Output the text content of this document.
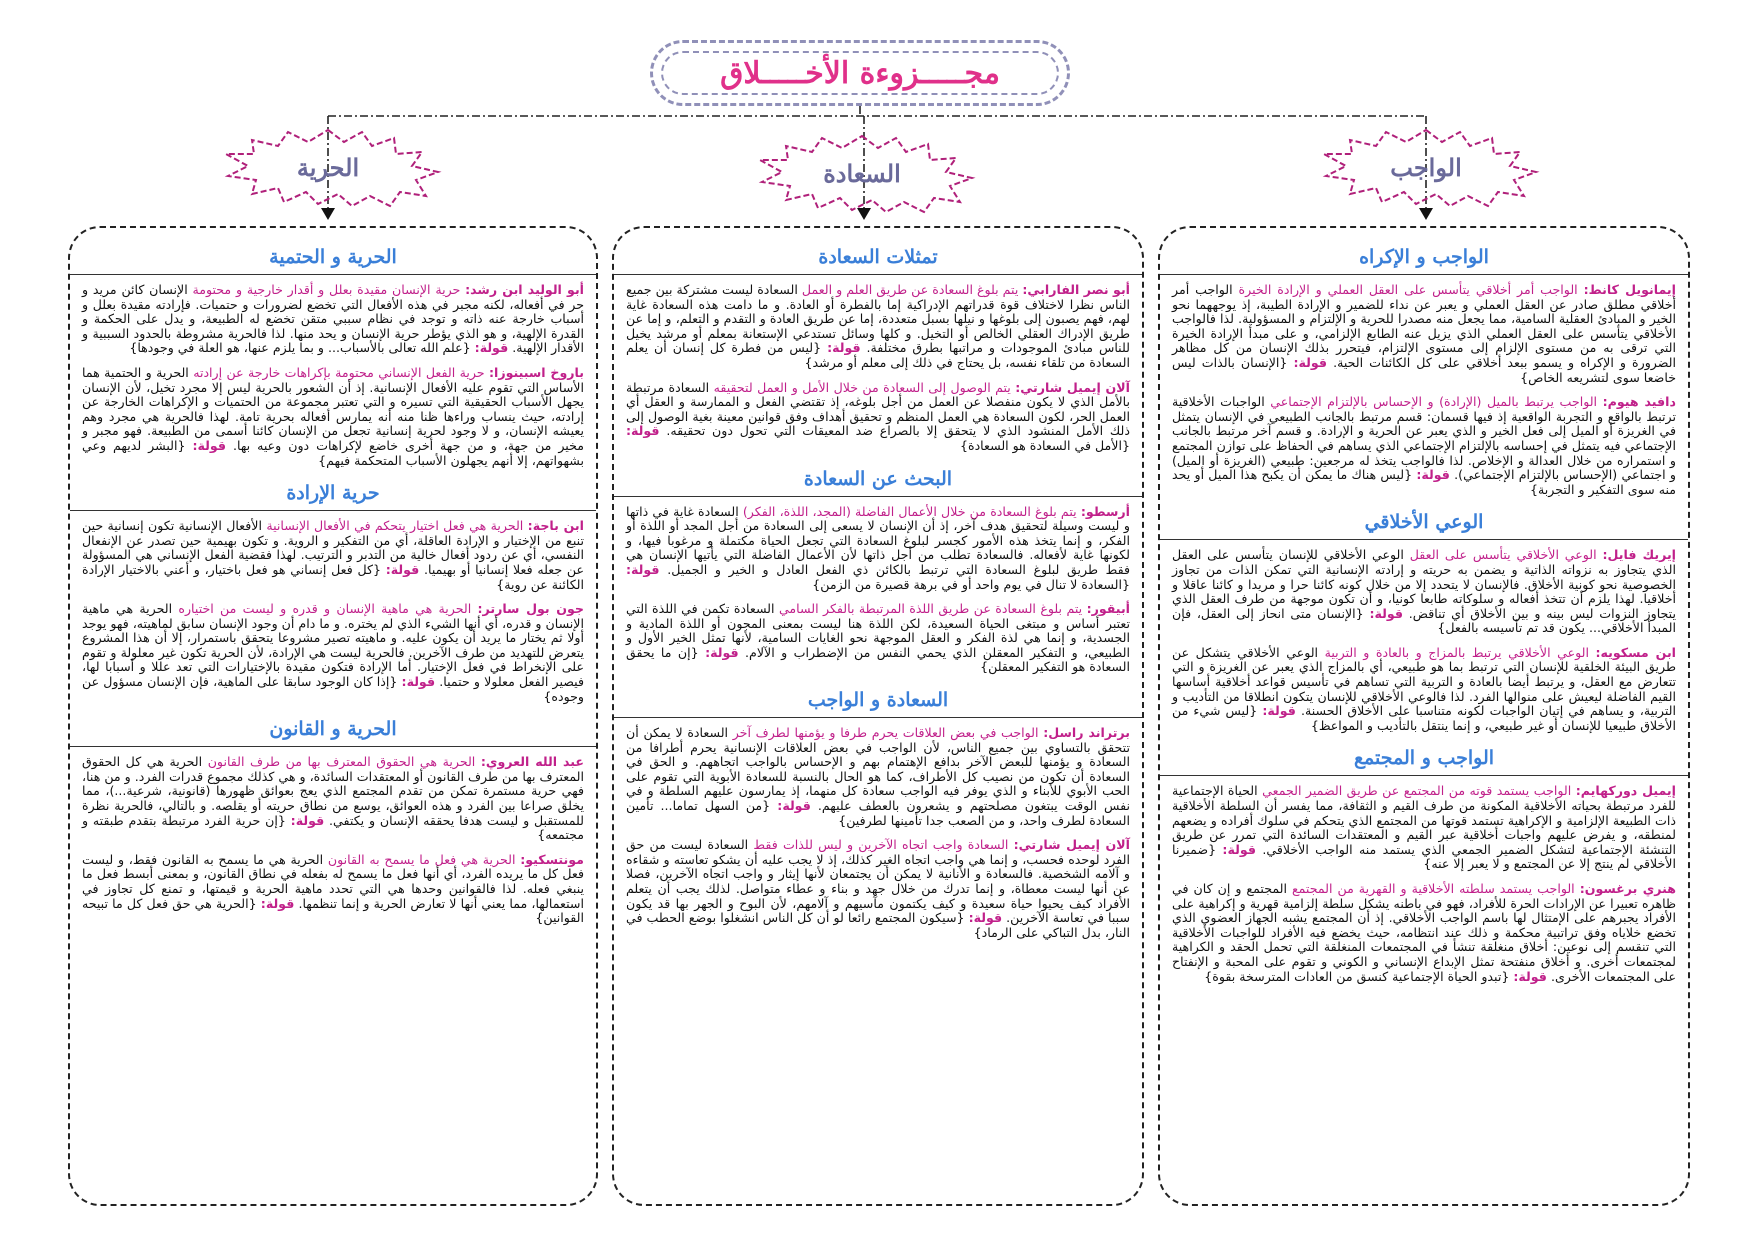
مجـــــزوءة الأخـــــلاق
الواجب
السعادة
الحرية
الواجب و الإكراه
إيمانويل كانط: الواجب أمر أخلاقي يتأسس على العقل العملي و الإرادة الخيرة الواجب أمر أخلاقي مطلق صادر عن العقل العملي و يعبر عن نداء للضمير و الإرادة الطيبة، إذ يوجههما نحو الخير و المبادئ العقلية السامية، مما يجعل منه مصدرا للحرية و الإلتزام و المسؤولية. لذا فالواجب الأخلاقي يتأسس على العقل العملي الذي يزيل عنه الطابع الإلزامي، و على مبدأ الإرادة الخيرة التي ترقى به من مستوى الإلزام إلى مستوى الإلتزام، فيتحرر بذلك الإنسان من كل مظاهر الضرورة و الإكراه و يسمو ببعد أخلاقي على كل الكائنات الحية. قولة: {الإنسان بالذات ليس خاضعا سوى لتشريعه الخاص}
دافيد هيوم: الواجب يرتبط بالميل (الإرادة) و الإحساس بالإلتزام الإجتماعي الواجبات الأخلاقية ترتبط بالواقع و التجربة الواقعية إذ فيها قسمان: قسم مرتبط بالجانب الطبيعي في الإنسان يتمثل في الغريزة أو الميل إلى فعل الخير و الذي يعبر عن الحرية و الإرادة. و قسم آخر مرتبط بالجانب الإجتماعي فيه يتمثل في إحساسه بالإلتزام الإجتماعي الذي يساهم في الحفاظ على توازن المجتمع و استمراره من خلال العدالة و الإخلاص. لذا فالواجب يتخذ له مرجعين: طبيعي (الغريزة أو الميل) و اجتماعي (الإحساس بالإلتزام الإجتماعي). قولة: {ليس هناك ما يمكن أن يكبح هذا الميل أو يحد منه سوى التفكير و التجربة}
الوعي الأخلاقي
إيريك فايل: الوعي الأخلاقي يتأسس على العقل الوعي الأخلاقي للإنسان يتأسس على العقل الذي يتجاوز به نزواته الذاتية و يضمن به حريته و إرادته الإنسانية التي تمكن الذات من تجاوز الخصوصية نحو كونية الأخلاق. فالإنسان لا يتحدد إلا من خلال كونه كائنا حرا و مريدا و كائنا عاقلا و أخلاقيا. لهذا يلزم أن تتخذ أفعاله و سلوكاته طابعا كونيا، و أن تكون موجهة من طرف العقل الذي يتجاوز النزوات ليس بينه و بين الأخلاق أي تناقض. قولة: {الإنسان متى انحاز إلى العقل، فإن المبدأ الأخلاقي... يكون قد تم تأسيسه بالفعل}
ابن مسكويه: الوعي الأخلاقي يرتبط بالمزاج و بالعادة و التربية الوعي الأخلاقي يتشكل عن طريق البيئة الخلقية للإنسان التي ترتبط بما هو طبيعي، أي بالمزاج الذي يعبر عن الغريزة و التي تتعارض مع العقل، و يرتبط أيضا بالعادة و التربية التي تساهم في تأسيس قواعد أخلاقية أساسها القيم الفاضلة ليعيش على منوالها الفرد. لذا فالوعي الأخلاقي للإنسان يتكون انطلاقا من التأديب و التربية، و يساهم في إتيان الواجبات لكونه متناسبا على الأخلاق الحسنة. قولة: {ليس شيء من الأخلاق طبيعيا للإنسان أو غير طبيعي، و إنما ينتقل بالتأديب و المواعظ}
الواجب و المجتمع
إيميل دوركهايم: الواجب يستمد قوته من المجتمع عن طريق الضمير الجمعي الحياة الإجتماعية للفرد مرتبطة بحياته الأخلاقية المكونة من طرف القيم و الثقافة، مما يفسر أن السلطة الأخلاقية ذات الطبيعة الإلزامية و الإكراهية تستمد قوتها من المجتمع الذي يتحكم في سلوك أفراده و يضعهم لمنطقه، و يفرض عليهم واجبات أخلاقية عبر القيم و المعتقدات السائدة التي تمرر عن طريق التنشئة الإجتماعية لتشكل الضمير الجمعي الذي يستمد منه الواجب الأخلاقي. قولة: {ضميرنا الأخلاقي لم ينتج إلا عن المجتمع و لا يعبر إلا عنه}
هنري برغسون: الواجب يستمد سلطته الأخلاقية و القهرية من المجتمع المجتمع و إن كان في ظاهره تعبيرا عن الإرادات الحرة للأفراد، فهو في باطنه يشكل سلطة إلزامية قهرية و إكراهية على الأفراد يجبرهم على الإمتثال لها باسم الواجب الأخلاقي. إذ أن المجتمع يشبه الجهاز العضوي الذي تخضع خلاياه وفق تراتبية محكمة و ذلك عند انتظامه، حيث يخضع فيه الأفراد للواجبات الأخلاقية التي تنقسم إلى نوعين: أخلاق منغلقة تنشأ في المجتمعات المنغلقة التي تحمل الحقد و الكراهية لمجتمعات أخرى. و أخلاق منفتحة تمثل الإبداع الإنساني و الكوني و تقوم على المحبة و الإنفتاح على المجتمعات الأخرى. قولة: {تبدو الحياة الإجتماعية كنسق من العادات المترسخة بقوة}
تمثلات السعادة
أبو نصر الفارابي: يتم بلوغ السعادة عن طريق العلم و العمل السعادة ليست مشتركة بين جميع الناس نظرا لاختلاف قوة قدراتهم الإدراكية إما بالفطرة أو العادة. و ما دامت هذه السعادة غاية لهم، فهم يصبون إلى بلوغها و نيلها بسبل متعددة، إما عن طريق العادة و التقدم و التعلم، و إما عن طريق الإدراك العقلي الخالص أو التخيل. و كلها وسائل تستدعي الإستعانة بمعلم أو مرشد يخيل للناس مبادئ الموجودات و مراتبها بطرق مختلفة. قولة: {ليس من فطرة كل إنسان أن يعلم السعادة من تلقاء نفسه، بل يحتاج في ذلك إلى معلم أو مرشد}
آلان إيميل شارتي: يتم الوصول إلى السعادة من خلال الأمل و العمل لتحقيقه السعادة مرتبطة بالأمل الذي لا يكون منفصلا عن العمل من أجل بلوغه، إذ تقتضي الفعل و الممارسة و العقل أي العمل الحر، لكون السعادة هي العمل المنظم و تحقيق أهداف وفق قوانين معينة بغية الوصول إلى ذلك الأمل المنشود الذي لا يتحقق إلا بالصراع ضد المعيقات التي تحول دون تحقيقه. قولة: {الأمل في السعادة هو السعادة}
البحث عن السعادة
أرسطو: يتم بلوغ السعادة من خلال الأعمال الفاضلة (المجد، اللذة، الفكر) السعادة غاية في ذاتها و ليست وسيلة لتحقيق هدف آخر، إذ أن الإنسان لا يسعى إلى السعادة من أجل المجد أو اللذة أو الفكر، و إنما يتخذ هذه الأمور كجسر لبلوغ السعادة التي تجعل الحياة مكتملة و مرغوبا فيها، و لكونها غاية لأفعاله. فالسعادة تطلب من أجل ذاتها لأن الأعمال الفاضلة التي يأتيها الإنسان هي فقط طريق لبلوغ السعادة التي ترتبط بالكائن ذي الفعل العادل و الخير و الجميل. قولة: {السعادة لا تنال في يوم واحد أو في برهة قصيرة من الزمن}
أبيقور: يتم بلوغ السعادة عن طريق اللذة المرتبطة بالفكر السامي السعادة تكمن في اللذة التي تعتبر أساس و مبتغى الحياة السعيدة، لكن اللذة هنا ليست بمعنى المجون أو اللذة المادية و الجسدية، و إنما هي لذة الفكر و العقل الموجهة نحو الغايات السامية، لأنها تمثل الخير الأول و الطبيعي، و التفكير المعقلن الذي يحمي النفس من الإضطراب و الآلام. قولة: {إن ما يحقق السعادة هو التفكير المعقلن}
السعادة و الواجب
برتراند راسل: الواجب في بعض العلاقات يحرم طرفا و يؤمنها لطرف آخر السعادة لا يمكن أن تتحقق بالتساوي بين جميع الناس، لأن الواجب في بعض العلاقات الإنسانية يحرم أطرافا من السعادة و يؤمنها للبعض الآخر بدافع الإهتمام بهم و الإحساس بالواجب اتجاههم. و الحق في السعادة أن تكون من نصيب كل الأطراف، كما هو الحال بالنسبة للسعادة الأبوية التي تقوم على الحب الأبوي للأبناء و الذي يوفر فيه الواجب سعادة كل منهما، إذ يمارسون عليهم السلطة و في نفس الوقت يبتغون مصلحتهم و يشعرون بالعطف عليهم. قولة: {من السهل تماما... تأمين السعادة لطرف واحد، و من الصعب جدا تأمينها لطرفين}
آلان إيميل شارتي: السعادة واجب اتجاه الآخرين و ليس للذات فقط السعادة ليست من حق الفرد لوحده فحسب، و إنما هي واجب اتجاه الغير كذلك، إذ لا يجب عليه أن يشكو تعاسته و شقاءه و آلامه الشخصية. فالسعادة و الأنانية لا يمكن أن يجتمعان لأنها إيثار و واجب اتجاه الآخرين، فصلا عن أنها ليست معطاة، و إنما تدرك من خلال جهد و بناء و عطاء متواصل. لذلك يجب أن يتعلم الأفراد كيف يحيوا حياة سعيدة و كيف يكتمون مآسيهم و آلامهم، لأن البوح و الجهر بها قد يكون سببا في تعاسة الآخرين. قولة: {سيكون المجتمع رائعا لو أن كل الناس انشغلوا بوضع الحطب في النار، بدل التباكي على الرماد}
الحرية و الحتمية
أبو الوليد ابن رشد: حرية الإنسان مقيدة بعلل و أقدار خارجية و محتومة الإنسان كائن مريد و حر في أفعاله، لكنه مجبر في هذه الأفعال التي تخضع لضرورات و حتميات. فإرادته مقيدة بعلل و أسباب خارجة عنه ذاته و توجد في نظام سببي متقن تخضع له الطبيعة، و يدل على الحكمة و القدرة الإلهية، و هو الذي يؤطر حرية الإنسان و يحد منها. لذا فالحرية مشروطة بالحدود السببية و الأقدار الإلهية. قولة: {علم الله تعالى بالأسباب... و بما يلزم عنها، هو العلة في وجودها}
باروخ اسبينوزا: حرية الفعل الإنساني محتومة بإكراهات خارجة عن إرادته الحرية و الحتمية هما الأساس التي تقوم عليه الأفعال الإنسانية. إذ أن الشعور بالحرية ليس إلا مجرد تخيل، لأن الإنسان يجهل الأسباب الحقيقية التي تسيره و التي تعتبر مجموعة من الحتميات و الإكراهات الخارجة عن إرادته، حيث ينساب وراءها ظنا منه أنه يمارس أفعاله بحرية تامة. لهذا فالحرية هي مجرد وهم يعيشه الإنسان، و لا وجود لحرية إنسانية تجعل من الإنسان كائنا أسمى من الطبيعة. فهو مجبر و مخير من جهة، و من جهة أخرى خاضع لإكراهات دون وعيه بها. قولة: {البشر لديهم وعي بشهواتهم، إلا أنهم يجهلون الأسباب المتحكمة فيهم}
حرية الإرادة
ابن باجة: الحرية هي فعل اختيار يتحكم في الأفعال الإنسانية الأفعال الإنسانية تكون إنسانية حين تنبع من الإختيار و الإرادة العاقلة، أي من التفكير و الروية. و تكون بهيمية حين تصدر عن الإنفعال النفسي، أي عن ردود أفعال خالية من التدبر و الترتيب. لهذا فقضية الفعل الإنساني هي المسؤولة عن جعله فعلا إنسانيا أو بهيميا. قولة: {كل فعل إنساني هو فعل باختيار، و أعني بالاختيار الإرادة الكائنة عن روية}
جون بول سارتر: الحرية هي ماهية الإنسان و قدره و ليست من اختياره الحرية هي ماهية الإنسان و قدره، أي أنها الشيء الذي لم يختره. و ما دام أن وجود الإنسان سابق لماهيته، فهو يوجد أولا ثم يختار ما يريد أن يكون عليه. و ماهيته تصير مشروعا يتحقق باستمرار، إلا أن هذا المشروع يتعرض للتهديد من طرف الآخرين. فالحرية ليست هي الإرادة، لأن الحرية تكون غير معلولة و تقوم على الإنخراط في فعل الإختيار. أما الإرادة فتكون مقيدة بالإختيارات التي تعد عللا و أسبابا لها، فيصير الفعل معلولا و حتميا. قولة: {إذا كان الوجود سابقا على الماهية، فإن الإنسان مسؤول عن وجوده}
الحرية و القانون
عبد الله العروي: الحرية هي الحقوق المعترف بها من طرف القانون الحرية هي كل الحقوق المعترف بها من طرف القانون أو المعتقدات السائدة، و هي كذلك مجموع قدرات الفرد. و من هنا، فهي حرية مستمرة تمكن من تقدم المجتمع الذي يعج بعوائق ظهورها (قانونية، شرعية...)، مما يخلق صراعا بين الفرد و هذه العوائق، يوسع من نطاق حريته أو يقلصه. و بالتالي، فالحرية نظرة للمستقبل و ليست هدفا يحققه الإنسان و يكتفي. قولة: {إن حرية الفرد مرتبطة بتقدم طبقته و مجتمعه}
مونتسكيو: الحرية هي فعل ما يسمح به القانون الحرية هي ما يسمح به القانون فقط، و ليست فعل كل ما يريده الفرد، أي أنها فعل ما يسمح له بفعله في نطاق القانون، و بمعنى أبسط فعل ما ينبغي فعله. لذا فالقوانين وحدها هي التي تحدد ماهية الحرية و قيمتها، و تمنع كل تجاوز في استعمالها، مما يعني أنها لا تعارض الحرية و إنما تنظمها. قولة: {الحرية هي حق فعل كل ما تبيحه القوانين}
